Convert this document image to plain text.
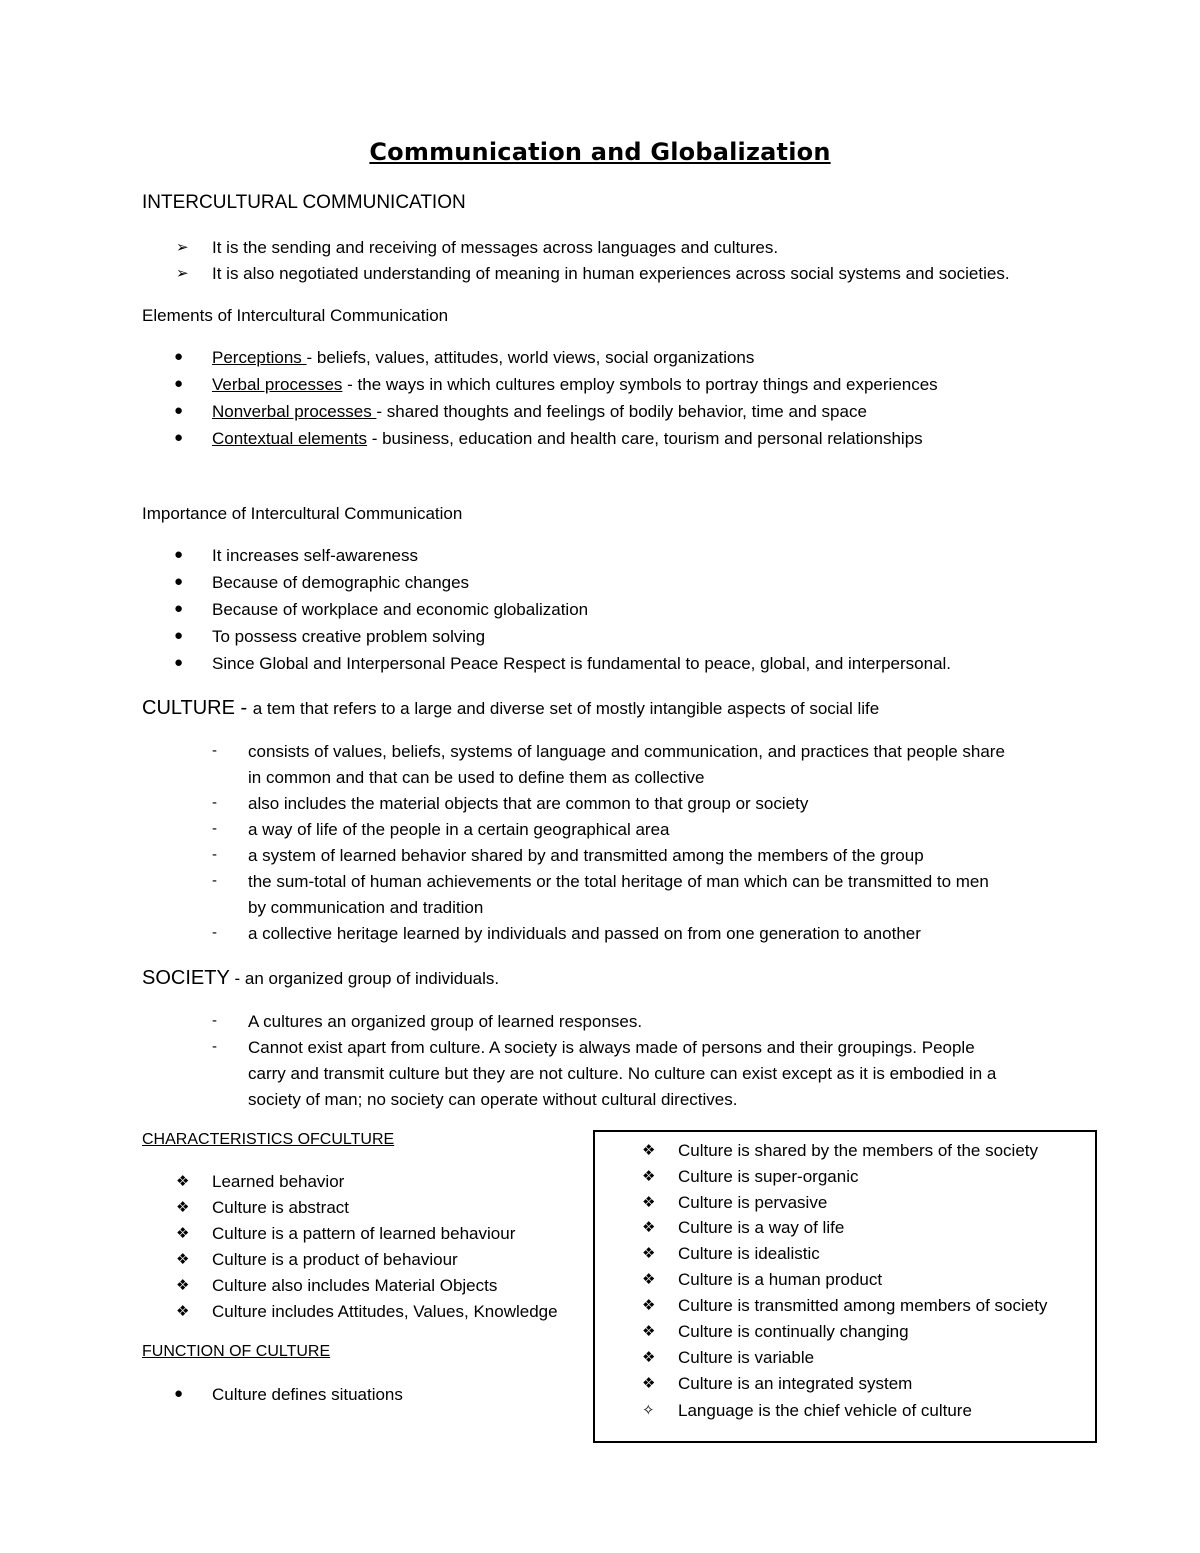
Communication and Globalization
INTERCULTURAL COMMUNICATION
➢ It is the sending and receiving of messages across languages and cultures.
➢ It is also negotiated understanding of meaning in human experiences across social systems and societies.
Elements of Intercultural Communication
● Perceptions - beliefs, values, attitudes, world views, social organizations
● Verbal processes - the ways in which cultures employ symbols to portray things and experiences
● Nonverbal processes - shared thoughts and feelings of bodily behavior, time and space
● Contextual elements - business, education and health care, tourism and personal relationships
Importance of Intercultural Communication
● It increases self-awareness
● Because of demographic changes
● Because of workplace and economic globalization
● To possess creative problem solving
● Since Global and Interpersonal Peace Respect is fundamental to peace, global, and interpersonal.
CULTURE - a tem that refers to a large and diverse set of mostly intangible aspects of social life
- consists of values, beliefs, systems of language and communication, and practices that people share
in common and that can be used to define them as collective
- also includes the material objects that are common to that group or society
- a way of life of the people in a certain geographical area
- a system of learned behavior shared by and transmitted among the members of the group
- the sum-total of human achievements or the total heritage of man which can be transmitted to men
by communication and tradition
- a collective heritage learned by individuals and passed on from one generation to another
SOCIETY - an organized group of individuals.
- A cultures an organized group of learned responses.
- Cannot exist apart from culture. A society is always made of persons and their groupings. People
carry and transmit culture but they are not culture. No culture can exist except as it is embodied in a
society of man; no society can operate without cultural directives.
CHARACTERISTICS OFCULTURE
❖ Learned behavior
❖ Culture is abstract
❖ Culture is a pattern of learned behaviour
❖ Culture is a product of behaviour
❖ Culture also includes Material Objects
❖ Culture includes Attitudes, Values, Knowledge
FUNCTION OF CULTURE
● Culture defines situations
❖ Culture is shared by the members of the society
❖ Culture is super-organic
❖ Culture is pervasive
❖ Culture is a way of life
❖ Culture is idealistic
❖ Culture is a human product
❖ Culture is transmitted among members of society
❖ Culture is continually changing
❖ Culture is variable
❖ Culture is an integrated system
✧ Language is the chief vehicle of culture
